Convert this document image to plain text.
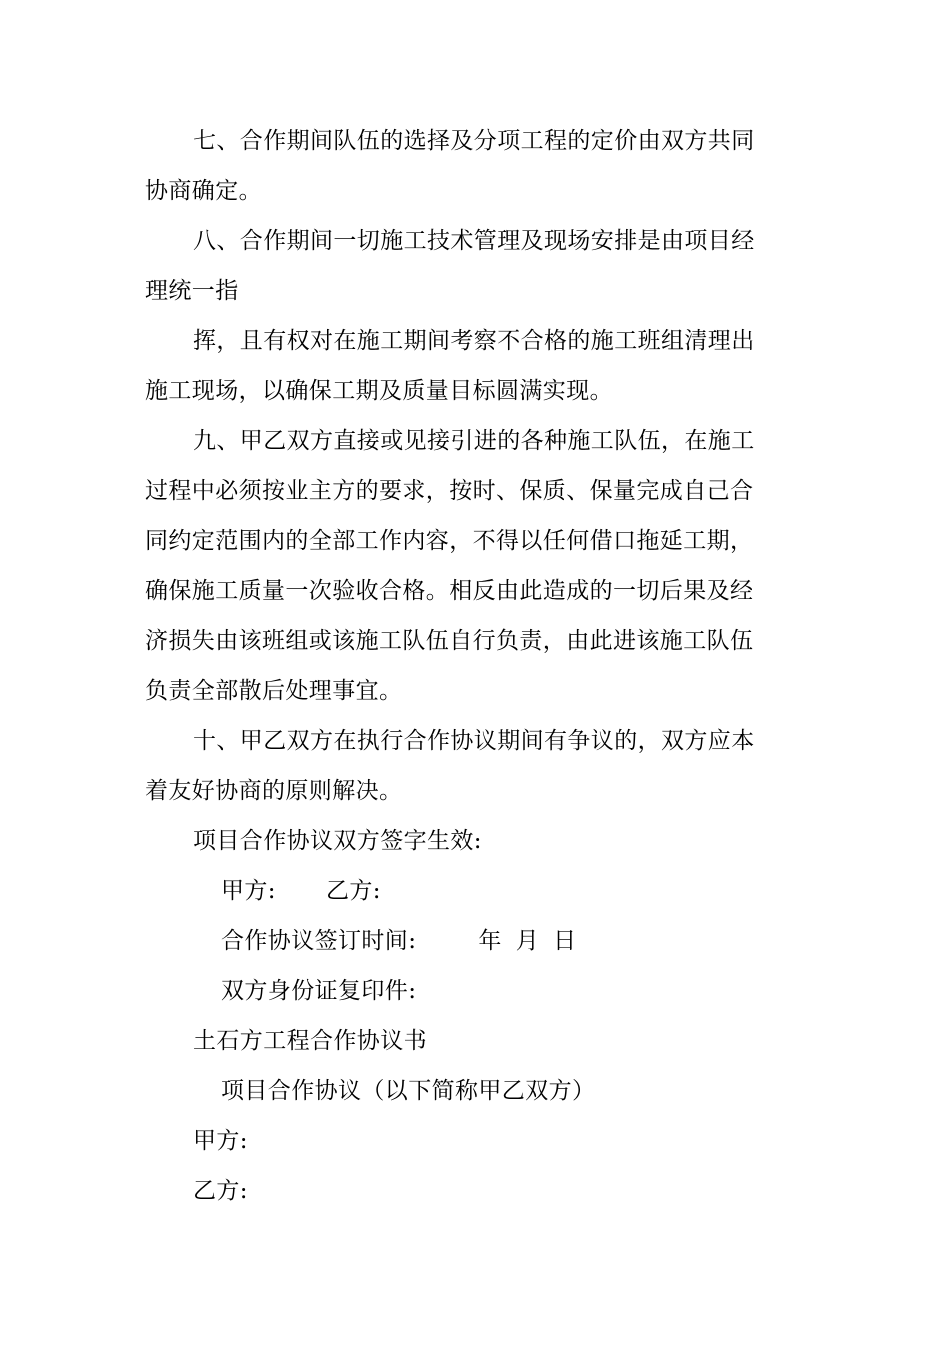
七、合作期间队伍的选择及分项工程的定价由双方共同
协商确定。
八、合作期间一切施工技术管理及现场安排是由项目经
理统一指
挥，且有权对在施工期间考察不合格的施工班组清理出
施工现场，以确保工期及质量目标圆满实现。
九、甲乙双方直接或见接引进的各种施工队伍，在施工
过程中必须按业主方的要求，按时、保质、保量完成自己合
同约定范围内的全部工作内容，不得以任何借口拖延工期，
确保施工质量一次验收合格。相反由此造成的一切后果及经
济损失由该班组或该施工队伍自行负责，由此进该施工队伍
负责全部散后处理事宜。
十、甲乙双方在执行合作协议期间有争议的，双方应本
着友好协商的原则解决。
项目合作协议双方签字生效:
甲方: 乙方:
合作协议签订时间:	年 月 日
双方身份证复印件:
土石方工程合作协议书
项目合作协议（以下简称甲乙双方）
甲方:
乙方:
